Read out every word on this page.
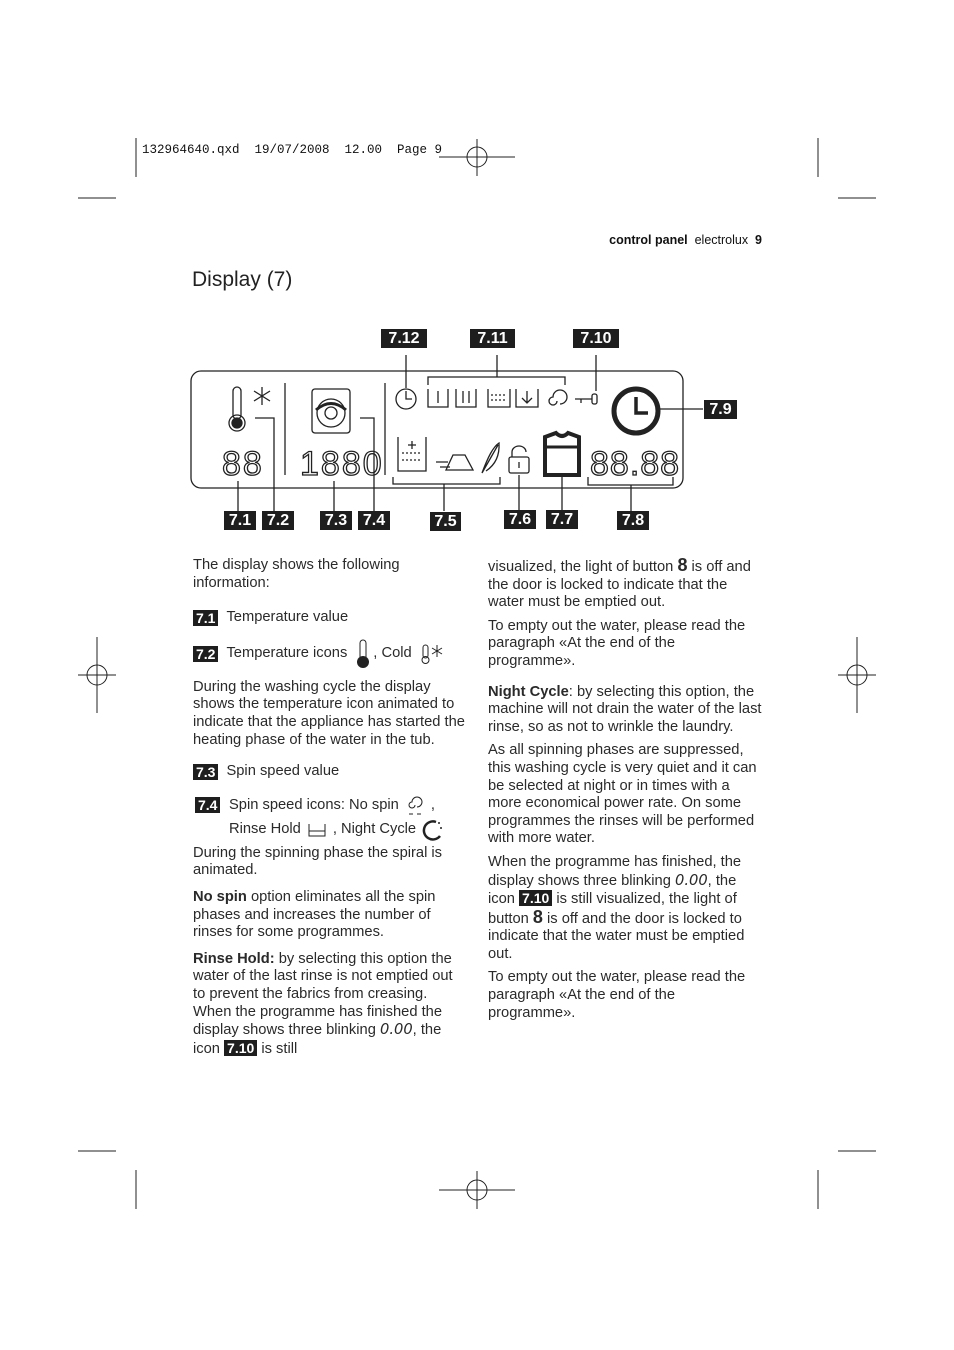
132964640.qxd  19/07/2008  12.00  Page 9
control panel electrolux 9
Display (7)
88 1880	88.88
7.12	7.11	7.10
7.9
7.1 7.2	7.3 7.4	7.5	7.6	7.7	7.8

The display shows the following information:

7.1 Temperature value
7.2 Temperature icons , Cold

During the washing cycle the display shows the temperature icon animated to indicate that the appliance has started the heating phase of the water in the tub.

7.3 Spin speed value
7.4 Spin speed icons: No spin ,
Rinse Hold , Night Cycle

During the spinning phase the spiral is animated.

No spin option eliminates all the spin phases and increases the number of rinses for some programmes.

Rinse Hold: by selecting this option the water of the last rinse is not emptied out to prevent the fabrics from creasing. When the programme has finished the display shows three blinking 0.00, the icon 7.10 is still

visualized, the light of button 8 is off and the door is locked to indicate that the water must be emptied out.

To empty out the water, please read the paragraph «At the end of the programme».

Night Cycle: by selecting this option, the machine will not drain the water of the last rinse, so as not to wrinkle the laundry.

As all spinning phases are suppressed, this washing cycle is very quiet and it can be selected at night or in times with a more economical power rate. On some programmes the rinses will be performed with more water.

When the programme has finished, the display shows three blinking 0.00, the icon 7.10 is still visualized, the light of button 8 is off and the door is locked to indicate that the water must be emptied out.

To empty out the water, please read the paragraph «At the end of the programme».
